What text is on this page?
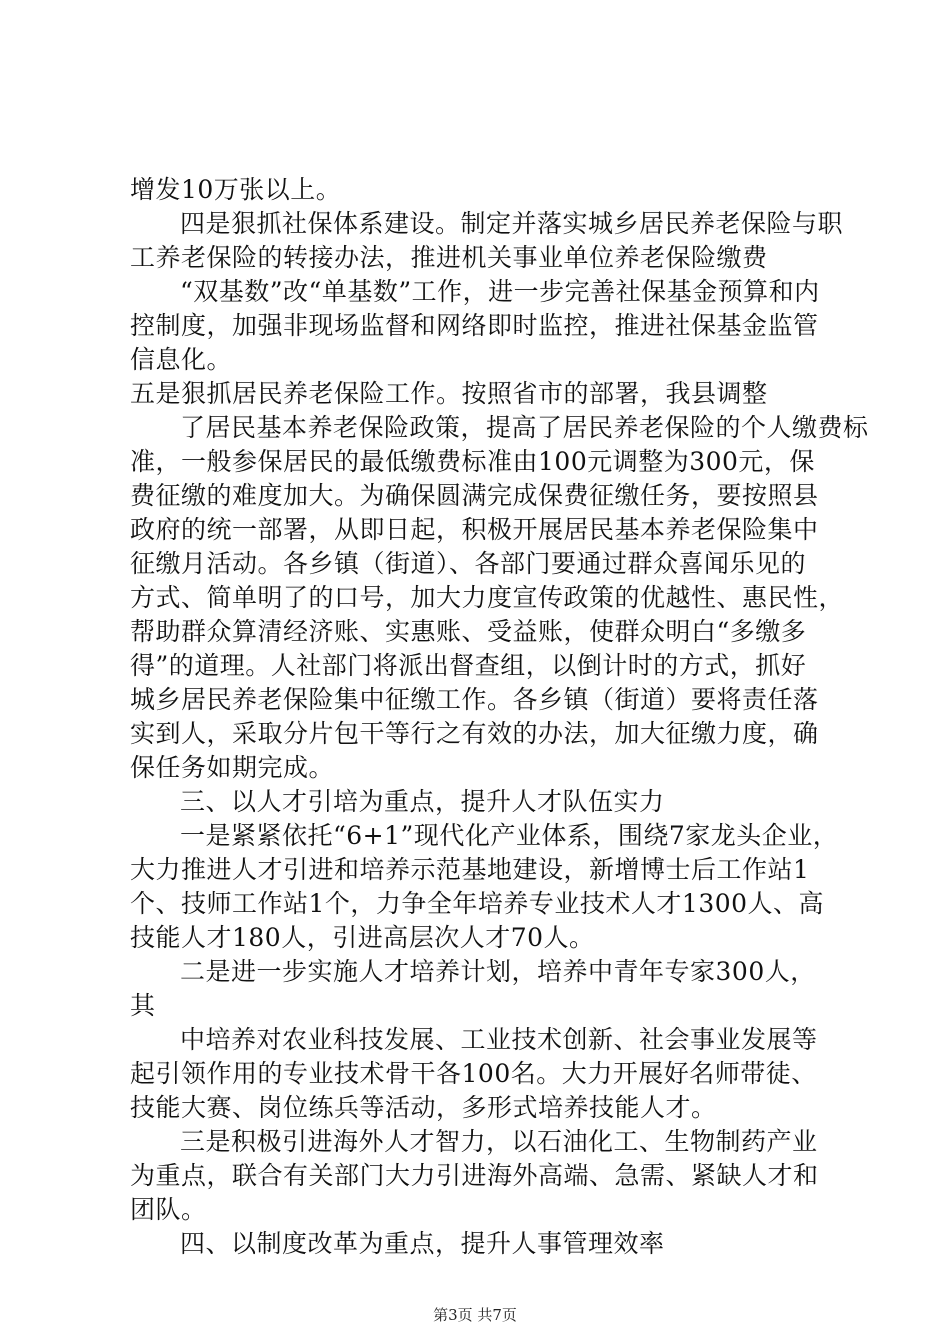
增发10万张以上。
四是狠抓社保体系建设。制定并落实城乡居民养老保险与职
工养老保险的转接办法，推进机关事业单位养老保险缴费
“双基数”改“单基数”工作，进一步完善社保基金预算和内
控制度，加强非现场监督和网络即时监控，推进社保基金监管
信息化。
五是狠抓居民养老保险工作。按照省市的部署，我县调整
了居民基本养老保险政策，提高了居民养老保险的个人缴费标
准，一般参保居民的最低缴费标准由100元调整为300元，保
费征缴的难度加大。为确保圆满完成保费征缴任务，要按照县
政府的统一部署，从即日起，积极开展居民基本养老保险集中
征缴月活动。各乡镇（街道）、各部门要通过群众喜闻乐见的
方式、简单明了的口号，加大力度宣传政策的优越性、惠民性，
帮助群众算清经济账、实惠账、受益账，使群众明白“多缴多
得”的道理。人社部门将派出督查组，以倒计时的方式，抓好
城乡居民养老保险集中征缴工作。各乡镇（街道）要将责任落
实到人，采取分片包干等行之有效的办法，加大征缴力度，确
保任务如期完成。
三、以人才引培为重点，提升人才队伍实力
一是紧紧依托“6+1”现代化产业体系，围绕7家龙头企业，
大力推进人才引进和培养示范基地建设，新增博士后工作站1
个、技师工作站1个，力争全年培养专业技术人才1300人、高
技能人才180人，引进高层次人才70人。
二是进一步实施人才培养计划，培养中青年专家300人，
其
中培养对农业科技发展、工业技术创新、社会事业发展等
起引领作用的专业技术骨干各100名。大力开展好名师带徒、
技能大赛、岗位练兵等活动，多形式培养技能人才。
三是积极引进海外人才智力，以石油化工、生物制药产业
为重点，联合有关部门大力引进海外高端、急需、紧缺人才和
团队。
四、以制度改革为重点，提升人事管理效率
第3页 共7页
